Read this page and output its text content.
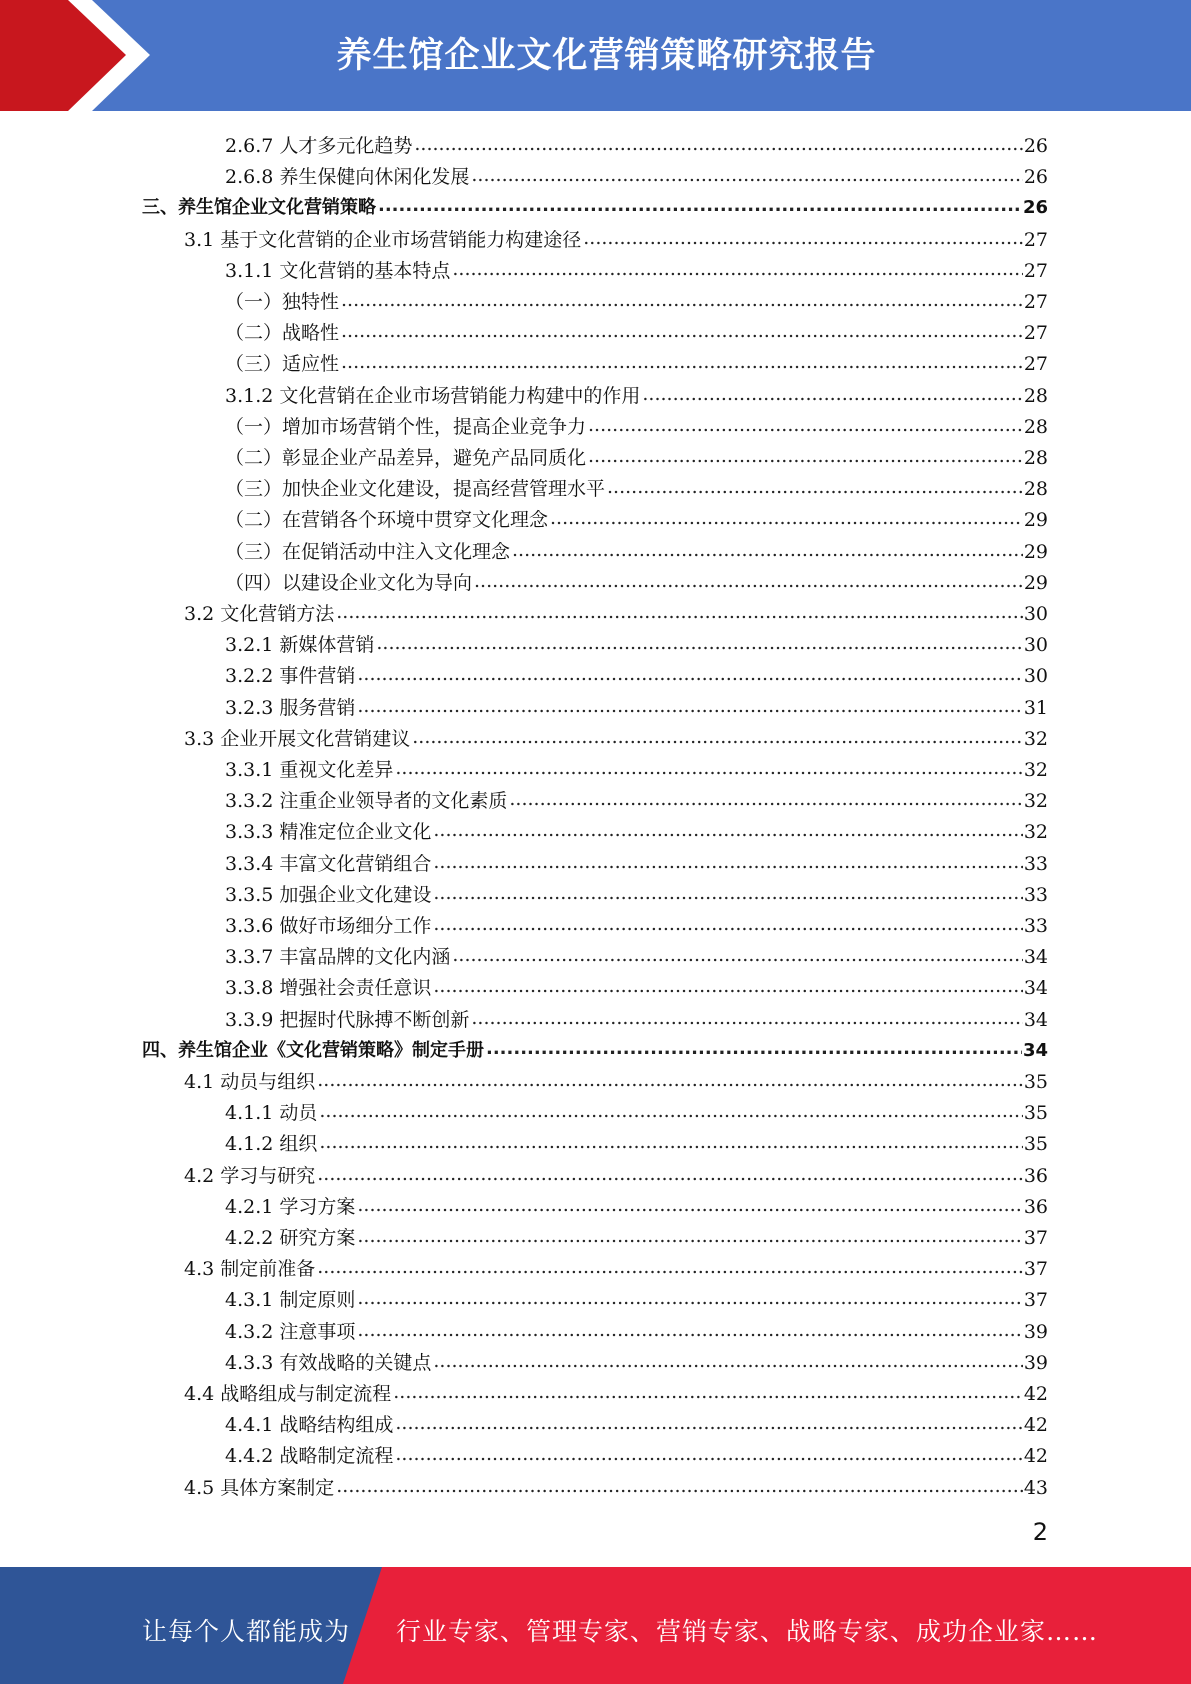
养生馆企业文化营销策略研究报告
2.6.7 人才多元化趋势 .....	26
2.6.8 养生保健向休闲化发展 .....	26
三、养生馆企业文化营销策略 .....	26
3.1 基于文化营销的企业市场营销能力构建途径 .....	27
3.1.1 文化营销的基本特点 .....	27
（一）独特性 .....	27
（二）战略性 .....	27
（三）适应性 .....	27
3.1.2 文化营销在企业市场营销能力构建中的作用 .....	28
（一）增加市场营销个性，提高企业竞争力 .....	28
（二）彰显企业产品差异，避免产品同质化 .....	28
（三）加快企业文化建设，提高经营管理水平 .....	28
（二）在营销各个环境中贯穿文化理念 .....	29
（三）在促销活动中注入文化理念 .....	29
（四）以建设企业文化为导向 .....	29
3.2 文化营销方法 .....	30
3.2.1 新媒体营销 .....	30
3.2.2 事件营销 .....	30
3.2.3 服务营销 .....	31
3.3 企业开展文化营销建议 .....	32
3.3.1 重视文化差异 .....	32
3.3.2 注重企业领导者的文化素质 .....	32
3.3.3 精准定位企业文化 .....	32
3.3.4 丰富文化营销组合 .....	33
3.3.5 加强企业文化建设 .....	33
3.3.6 做好市场细分工作 .....	33
3.3.7 丰富品牌的文化内涵 .....	34
3.3.8 增强社会责任意识 .....	34
3.3.9 把握时代脉搏不断创新 .....	34
四、养生馆企业《文化营销策略》制定手册 .....	34
4.1 动员与组织 .....	35
4.1.1 动员 .....	35
4.1.2 组织 .....	35
4.2 学习与研究 .....	36
4.2.1 学习方案 .....	36
4.2.2 研究方案 .....	37
4.3 制定前准备 .....	37
4.3.1 制定原则 .....	37
4.3.2 注意事项 .....	39
4.3.3 有效战略的关键点 .....	39
4.4 战略组成与制定流程 .....	42
4.4.1 战略结构组成 .....	42
4.4.2 战略制定流程 .....	42
4.5 具体方案制定 .....	43
2
让每个人都能成为 行业专家、管理专家、营销专家、战略专家、成功企业家……
